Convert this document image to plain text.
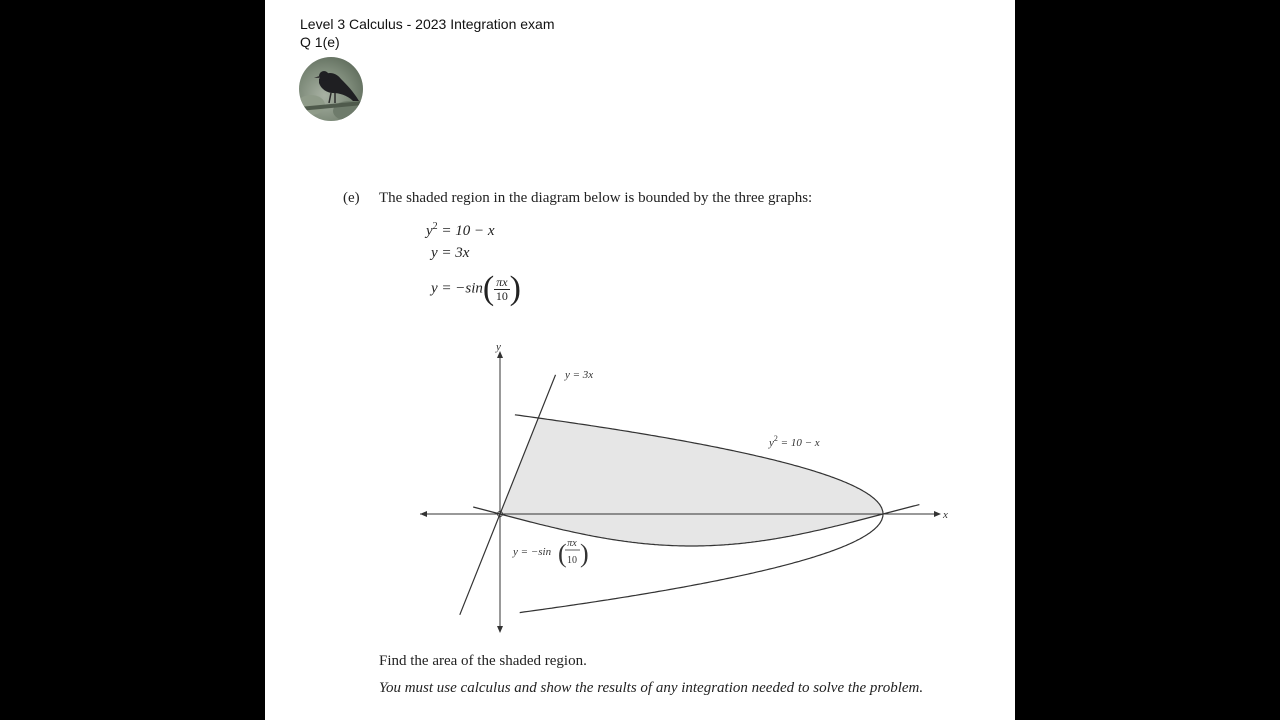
Level 3 Calculus - 2023 Integration exam
Q 1(e)
(e) The shaded region in the diagram below is bounded by the three graphs:
$y^2 = 10 - x$
y = 3x
$y = -\sin( \frac{\pi x}{10}$ )
y
x
y = 3x
$y^2 = 10 - x$
y = −sin ( πx
10 )
Find the area of the shaded region.
You must use calculus and show the results of any integration needed to solve the problem.
